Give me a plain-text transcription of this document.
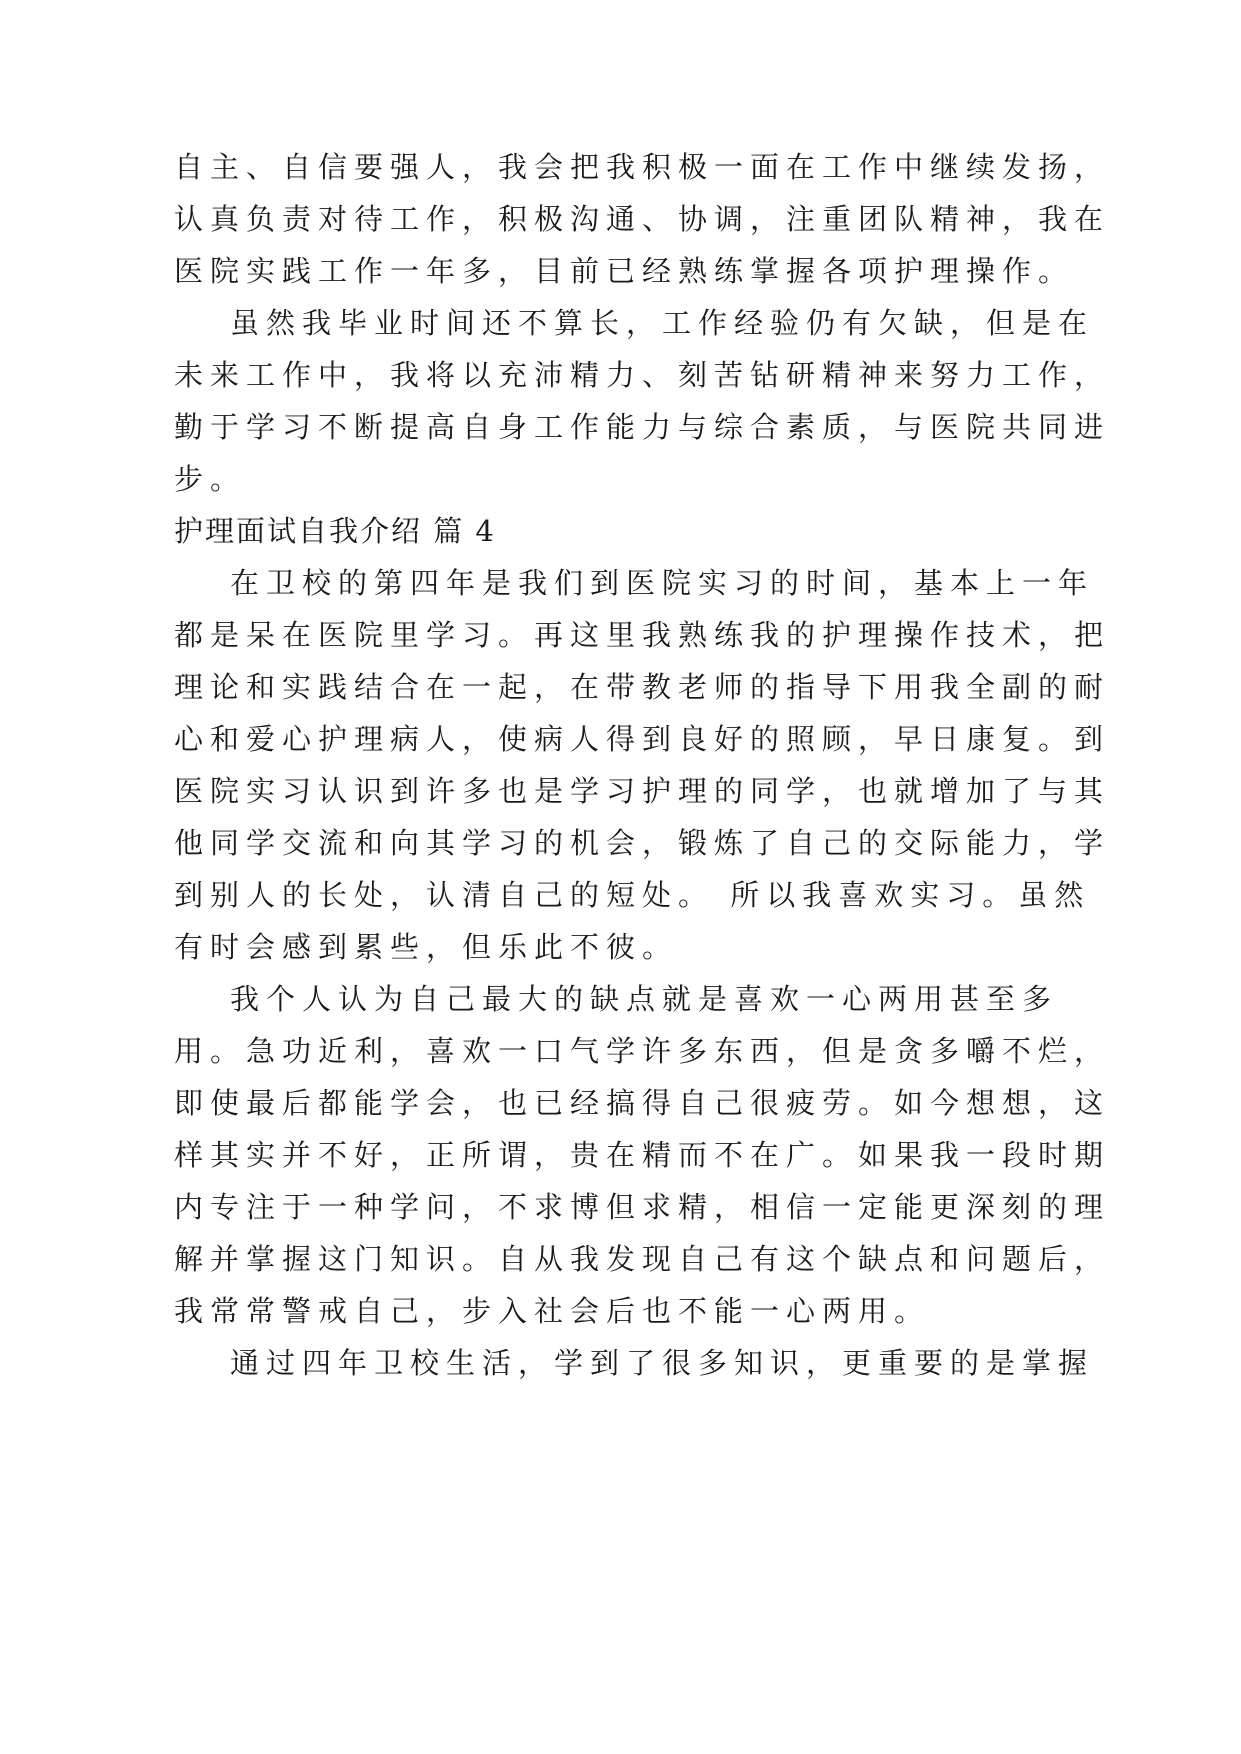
自主、自信要强人，我会把我积极一面在工作中继续发扬，
认真负责对待工作，积极沟通、协调，注重团队精神，我在
医院实践工作一年多，目前已经熟练掌握各项护理操作。
虽然我毕业时间还不算长，工作经验仍有欠缺，但是在
未来工作中，我将以充沛精力、刻苦钻研精神来努力工作，
勤于学习不断提高自身工作能力与综合素质，与医院共同进
步。
护理面试自我介绍 篇 4
在卫校的第四年是我们到医院实习的时间，基本上一年
都是呆在医院里学习。再这里我熟练我的护理操作技术，把
理论和实践结合在一起，在带教老师的指导下用我全副的耐
心和爱心护理病人，使病人得到良好的照顾，早日康复。到
医院实习认识到许多也是学习护理的同学，也就增加了与其
他同学交流和向其学习的机会，锻炼了自己的交际能力，学
到别人的长处，认清自己的短处。 所以我喜欢实习。虽然
有时会感到累些，但乐此不彼。
我个人认为自己最大的缺点就是喜欢一心两用甚至多
用。急功近利，喜欢一口气学许多东西，但是贪多嚼不烂，
即使最后都能学会，也已经搞得自己很疲劳。如今想想，这
样其实并不好，正所谓，贵在精而不在广。如果我一段时期
内专注于一种学问，不求博但求精，相信一定能更深刻的理
解并掌握这门知识。自从我发现自己有这个缺点和问题后，
我常常警戒自己，步入社会后也不能一心两用。
通过四年卫校生活，学到了很多知识，更重要的是掌握
